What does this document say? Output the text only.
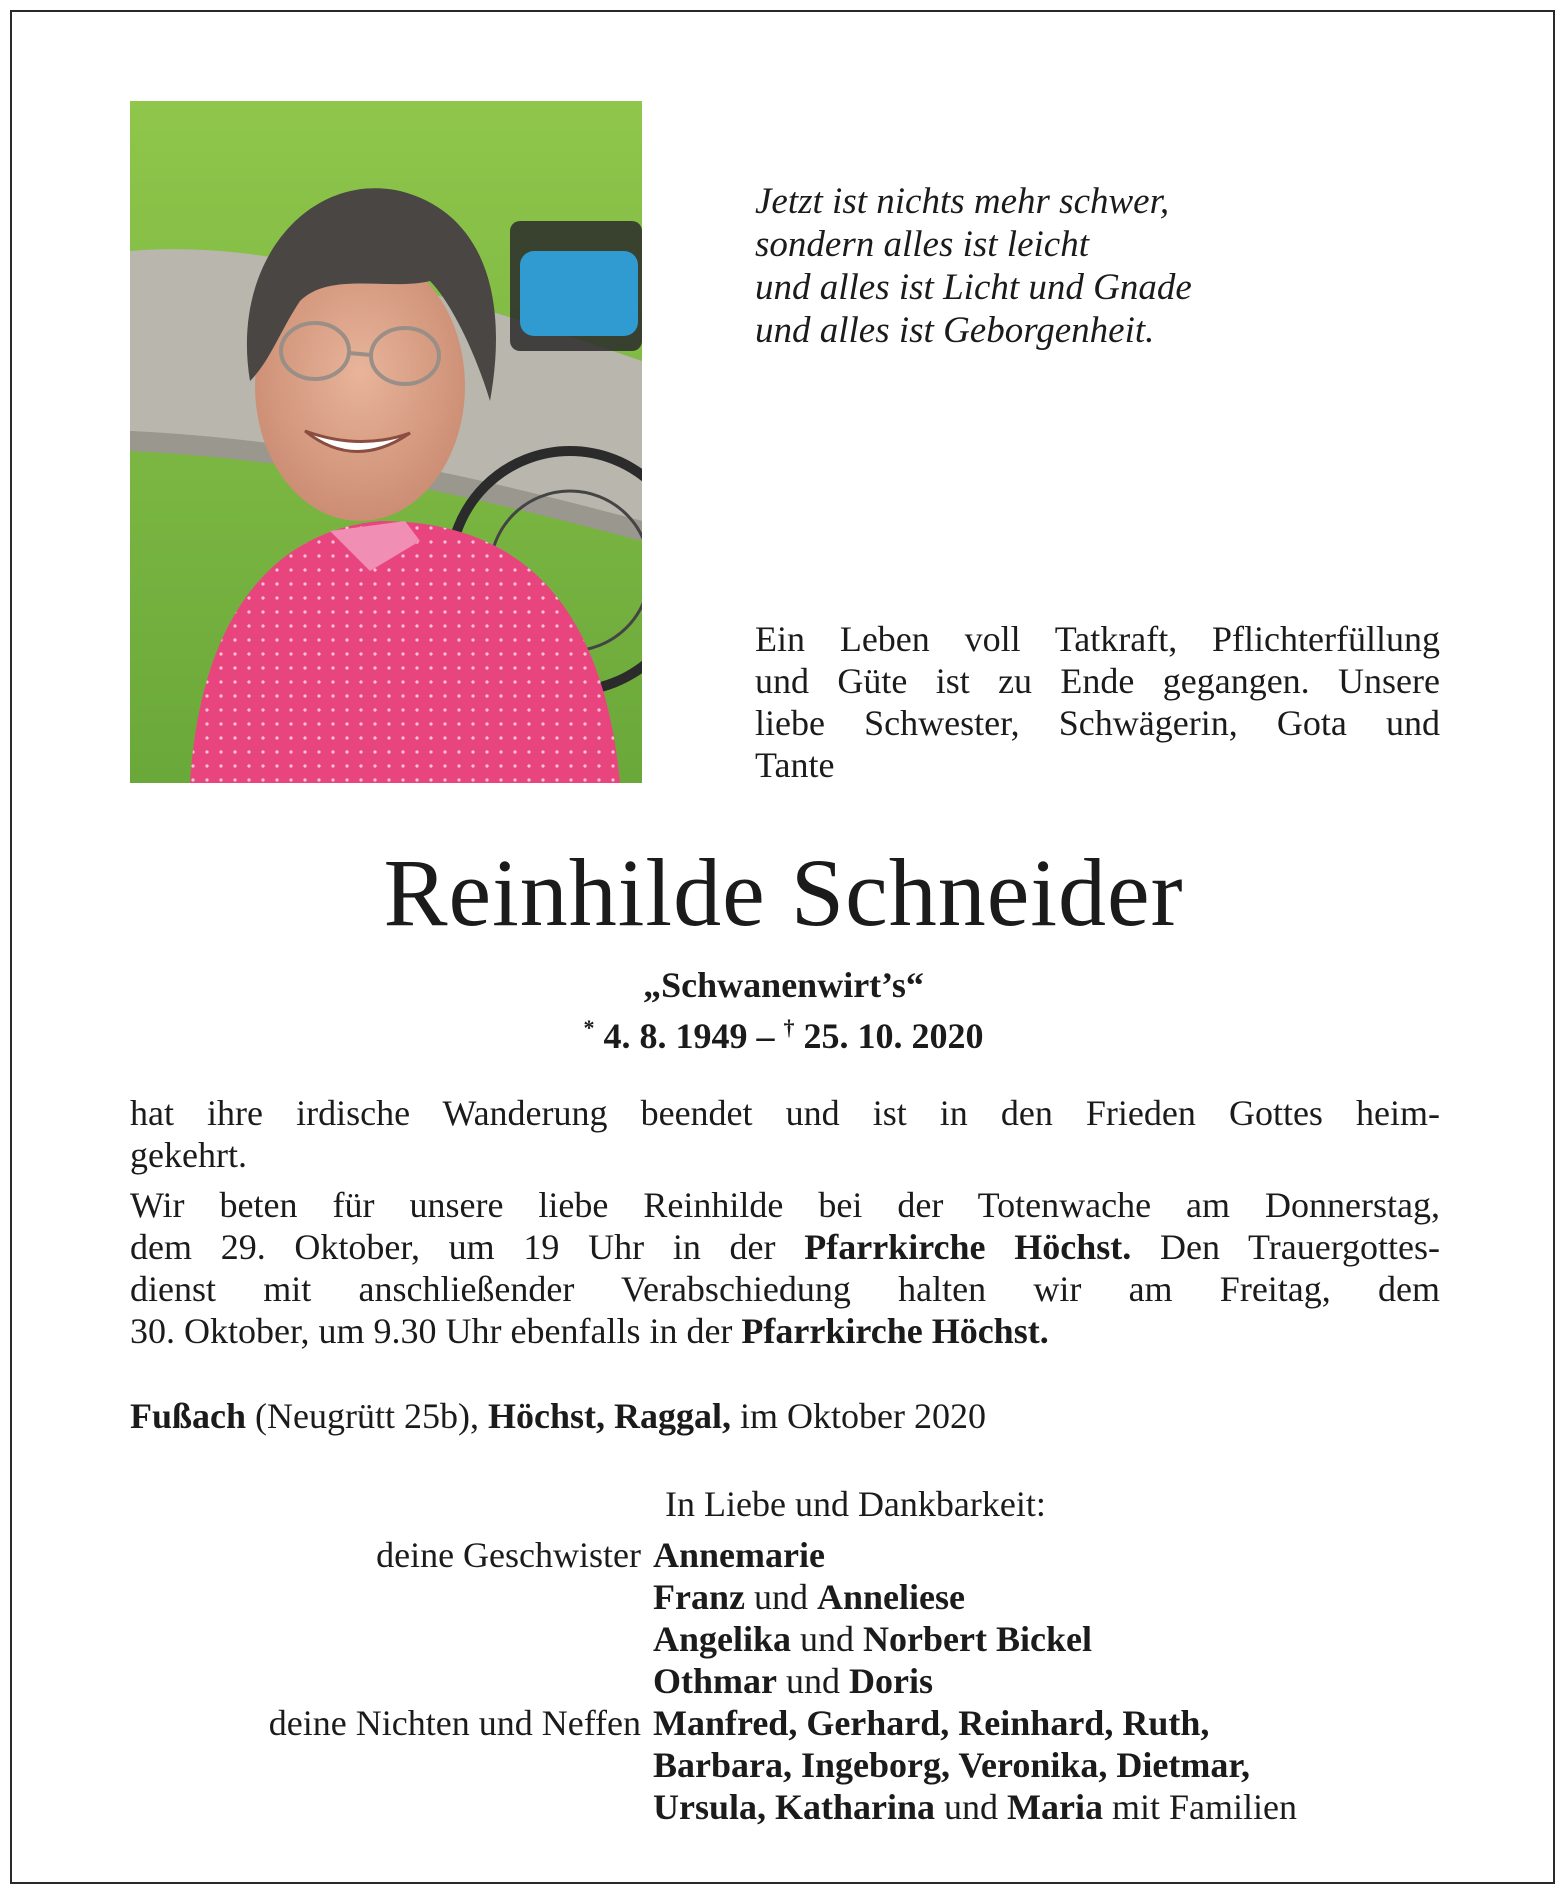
Jetzt ist nichts mehr schwer,
sondern alles ist leicht
und alles ist Licht und Gnade
und alles ist Geborgenheit.
Ein Leben voll Tatkraft, Pflichterfüllung
und Güte ist zu Ende gegangen. Unsere
liebe Schwester, Schwägerin, Gota und
Tante
Reinhilde Schneider
„Schwanenwirt’s“
* 4. 8. 1949 – † 25. 10. 2020
hat ihre irdische Wanderung beendet und ist in den Frieden Gottes heim-
gekehrt.
Wir beten für unsere liebe Reinhilde bei der Totenwache am Donnerstag,
dem 29. Oktober, um 19 Uhr in der Pfarrkirche Höchst. Den Trauergottes-
dienst mit anschließender Verabschiedung halten wir am Freitag, dem
30. Oktober, um 9.30 Uhr ebenfalls in der Pfarrkirche Höchst.
Fußach (Neugrütt 25b), Höchst, Raggal, im Oktober 2020
In Liebe und Dankbarkeit:
deine Geschwister Annemarie
Franz und Anneliese
Angelika und Norbert Bickel
Othmar und Doris
deine Nichten und Neffen Manfred, Gerhard, Reinhard, Ruth,
Barbara, Ingeborg, Veronika, Dietmar,
Ursula, Katharina und Maria mit Familien
